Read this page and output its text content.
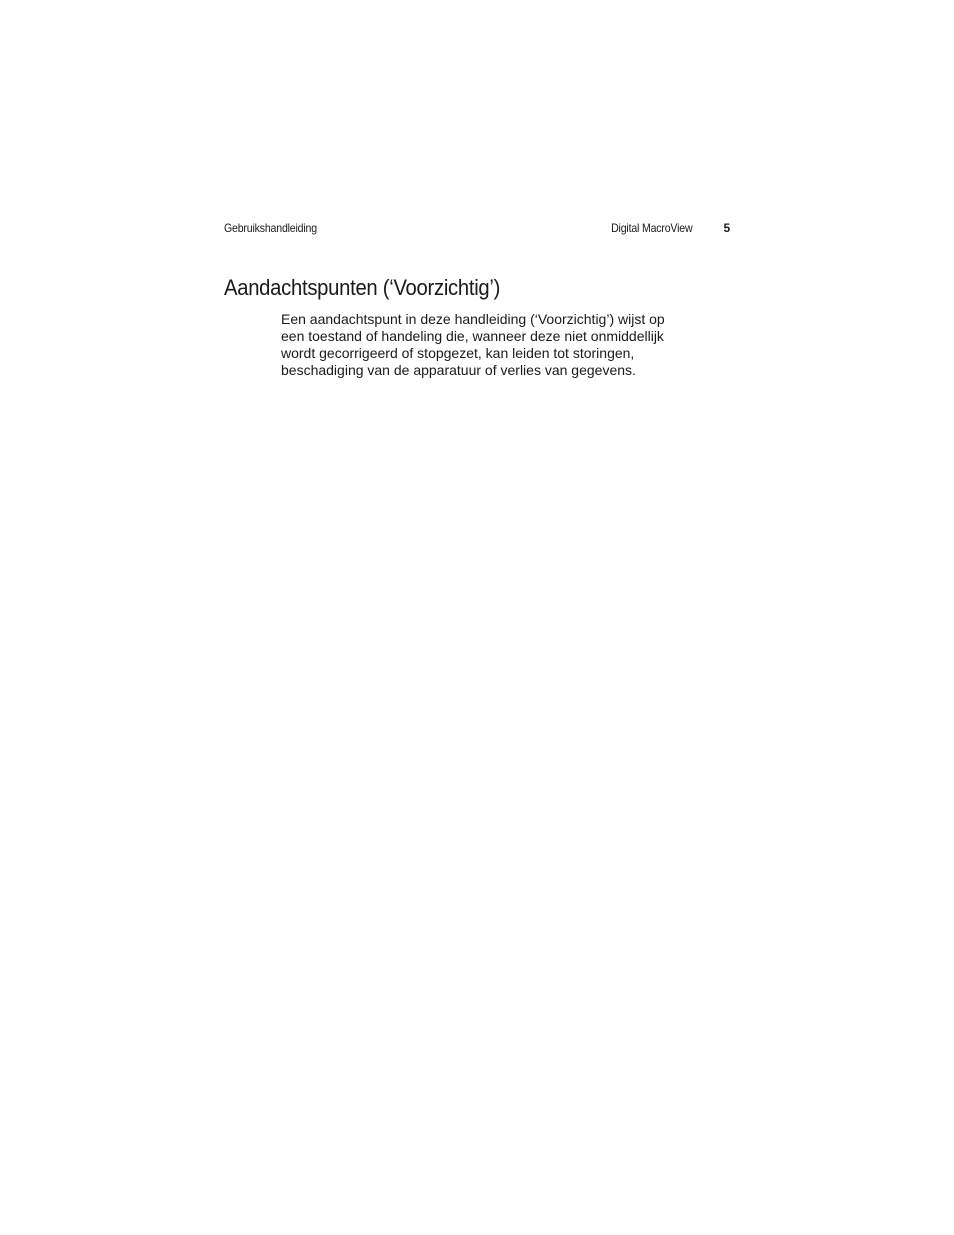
Gebruikshandleiding	Digital MacroView	5
Aandachtspunten (‘Voorzichtig’)

Een aandachtspunt in deze handleiding (‘Voorzichtig’) wijst op
een toestand of handeling die, wanneer deze niet onmiddellijk
wordt gecorrigeerd of stopgezet, kan leiden tot storingen,
beschadiging van de apparatuur of verlies van gegevens.
